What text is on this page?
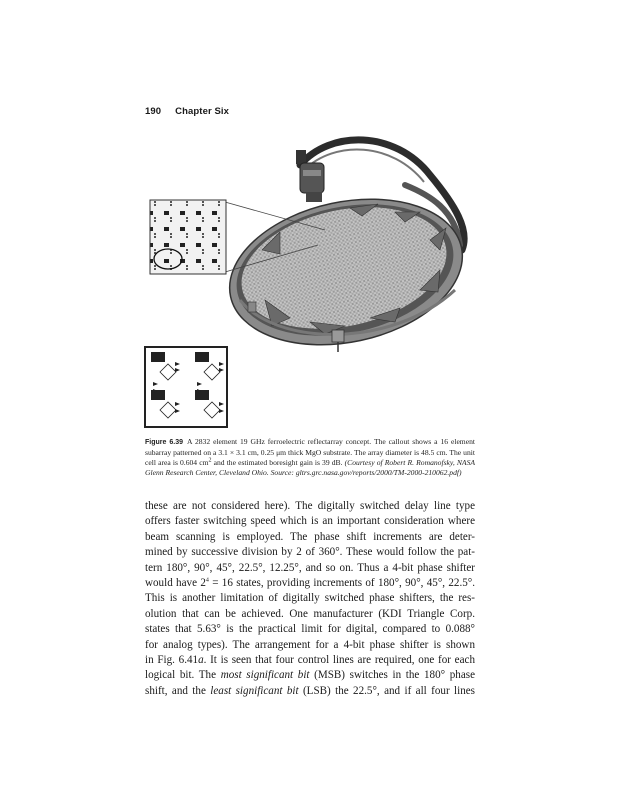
190 Chapter Six
Figure 6.39 A 2832 element 19 GHz ferroelectric reflectarray concept. The callout shows a 16 element subarray patterned on a 3.1 × 3.1 cm, 0.25 μm thick MgO substrate. The array diameter is 48.5 cm. The unit cell area is 0.604 $cm^2$ and the estimated boresight gain is 39 dB. (Courtesy of Robert R. Romanofsky, NASA Glenn Research Center, Cleveland Ohio. Source: gltrs.grc.nasa.gov/reports/2000/TM-2000-210062.pdf)
these are not considered here). The digitally switched delay line type
offers faster switching speed which is an important consideration where
beam scanning is employed. The phase shift increments are deter-
mined by successive division by 2 of 360°. These would follow the pat-
tern 180°, 90°, 45°, 22.5°, 12.25°, and so on. Thus a 4-bit phase shifter
would have $2^4 = 16$ states, providing increments of 180°, 90°, 45°, 22.5°.
This is another limitation of digitally switched phase shifters, the res-
olution that can be achieved. One manufacturer (KDI Triangle Corp.
states that 5.63° is the practical limit for digital, compared to 0.088°
for analog types). The arrangement for a 4-bit phase shifter is shown
in Fig. 6.41a. It is seen that four control lines are required, one for each
logical bit. The most significant bit (MSB) switches in the 180° phase
shift, and the least significant bit (LSB) the 22.5°, and if all four lines
